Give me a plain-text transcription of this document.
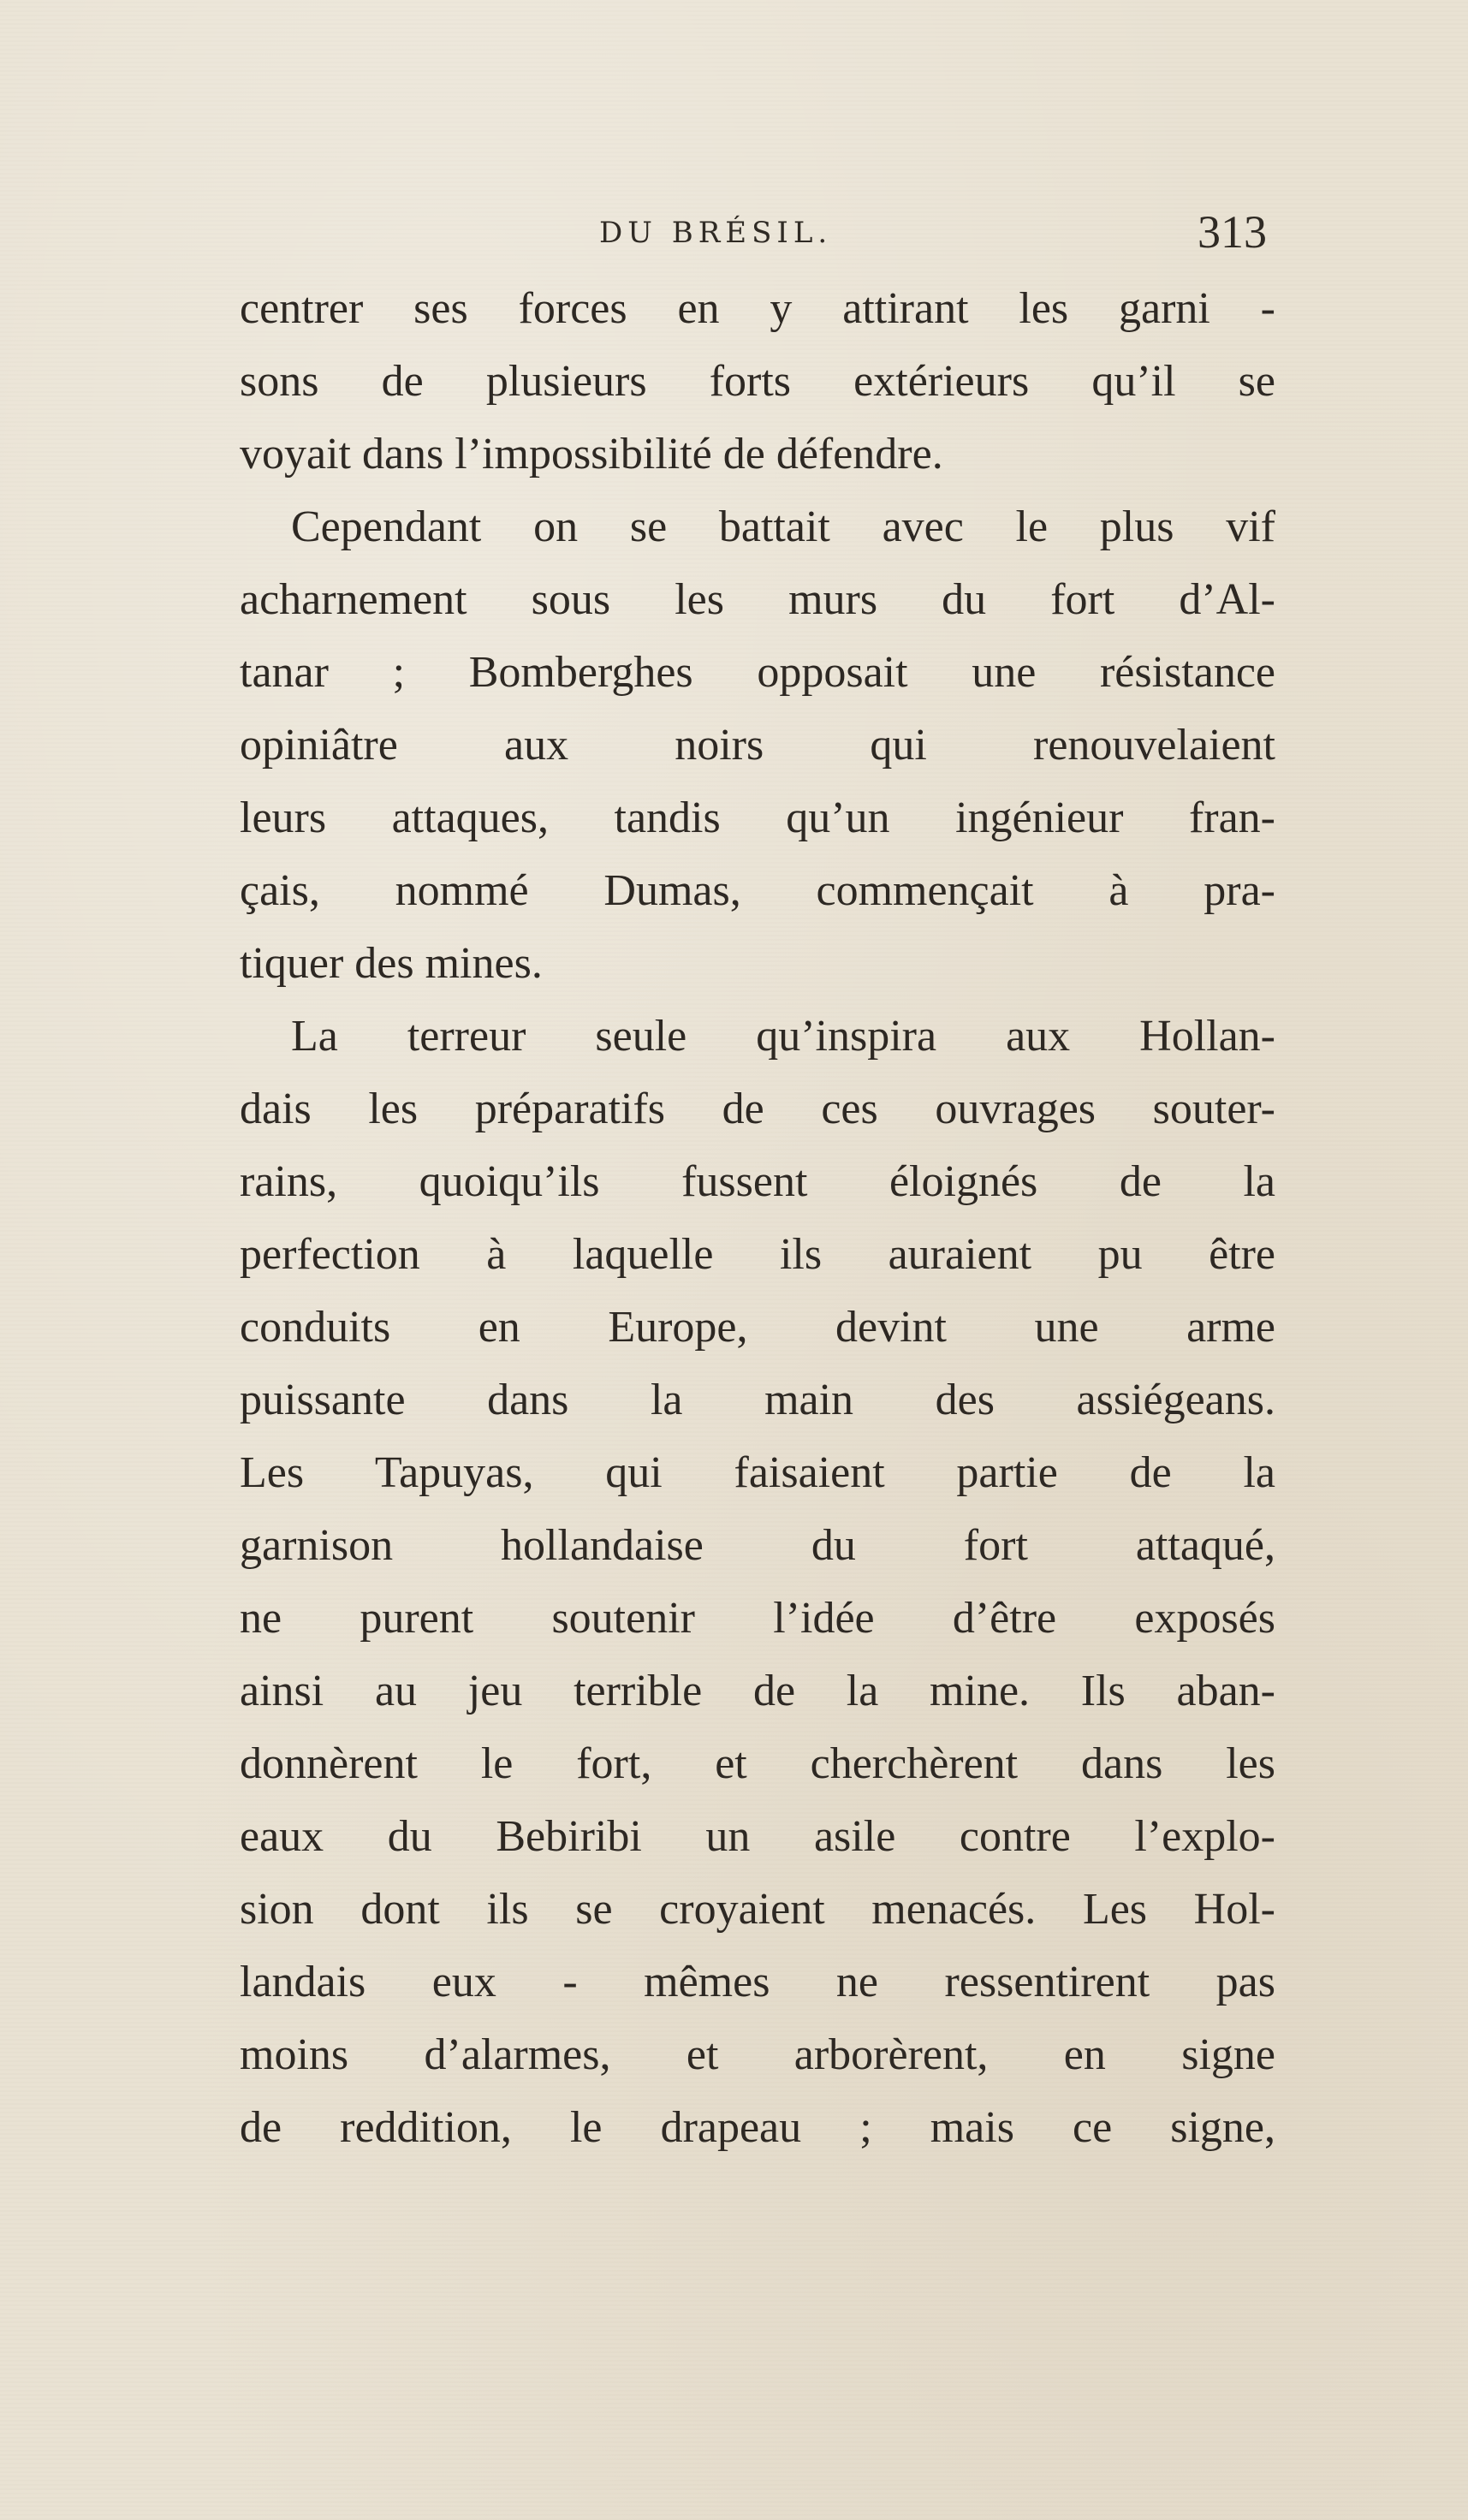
DU BRÉSIL.	313
centrer ses forces en y attirant les garni -
sons de plusieurs forts extérieurs qu’il se
voyait dans l’impossibilité de défendre.
Cependant on se battait avec le plus vif
acharnement sous les murs du fort d’Al-
tanar ; Bomberghes opposait une résistance
opiniâtre aux noirs qui renouvelaient
leurs attaques, tandis qu’un ingénieur fran-
çais, nommé Dumas, commençait à pra-
tiquer des mines.
La terreur seule qu’inspira aux Hollan-
dais les préparatifs de ces ouvrages souter-
rains, quoiqu’ils fussent éloignés de la
perfection à laquelle ils auraient pu être
conduits en Europe, devint une arme
puissante dans la main des assiégeans.
Les Tapuyas, qui faisaient partie de la
garnison hollandaise du fort attaqué,
ne purent soutenir l’idée d’être exposés
ainsi au jeu terrible de la mine. Ils aban-
donnèrent le fort, et cherchèrent dans les
eaux du Bebiribi un asile contre l’explo-
sion dont ils se croyaient menacés. Les Hol-
landais eux - mêmes ne ressentirent pas
moins d’alarmes, et arborèrent, en signe
de reddition, le drapeau ; mais ce signe,
